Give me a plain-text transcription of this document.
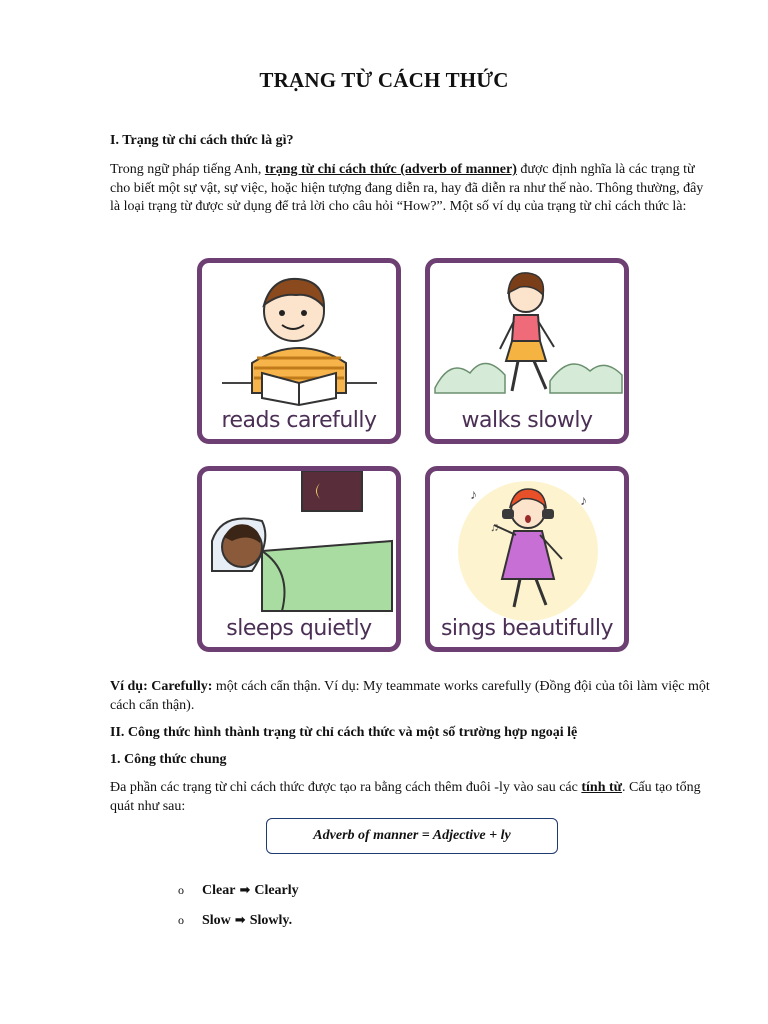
TRẠNG TỪ CÁCH THỨC
I. Trạng từ chỉ cách thức là gì?
Trong ngữ pháp tiếng Anh, trạng từ chỉ cách thức (adverb of manner) được định nghĩa là các trạng từ cho biết một sự vật, sự việc, hoặc hiện tượng đang diễn ra, hay đã diễn ra như thế nào. Thông thường, đây là loại trạng từ được sử dụng để trả lời cho câu hỏi “How?”. Một số ví dụ của trạng từ chỉ cách thức là:
reads carefully	walks slowly
sleeps quietly
♪	♪
♫
sings beautifully
Ví dụ: Carefully: một cách cẩn thận. Ví dụ: My teammate works carefully (Đồng đội của tôi làm việc một cách cẩn thận).
II. Công thức hình thành trạng từ chỉ cách thức và một số trường hợp ngoại lệ
1. Công thức chung
Đa phần các trạng từ chỉ cách thức được tạo ra bằng cách thêm đuôi -ly vào sau các tính từ. Cấu tạo tổng quát như sau:
Adverb of manner = Adjective + ly
o Clear ➡ Clearly
o Slow ➡ Slowly.
